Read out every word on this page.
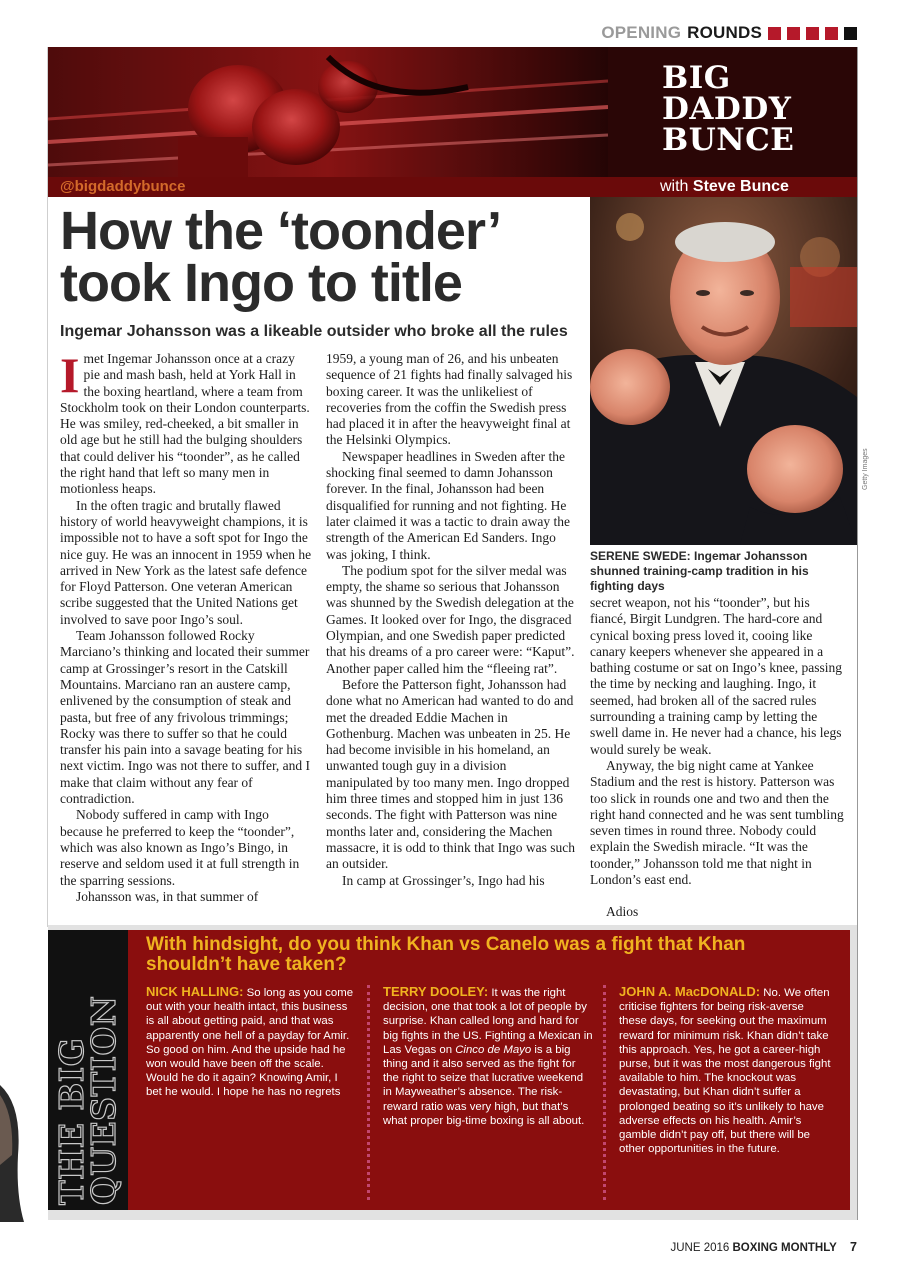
OPENING ROUNDS
BIG
DADDY
BUNCE
@bigdaddybunce	with Steve Bunce
How the ‘toonder’ took Ingo to title
Ingemar Johansson was a likeable outsider who broke all the rules

Imet Ingemar Johansson once at a crazy pie and mash bash, held at York Hall in the boxing heartland, where a team from Stockholm took on their London counterparts. He was smiley, red-cheeked, a bit smaller in old age but he still had the bulging shoulders that could deliver his “toonder”, as he called the right hand that left so many men in motionless heaps.

In the often tragic and brutally flawed history of world heavyweight champions, it is impossible not to have a soft spot for Ingo the nice guy. He was an innocent in 1959 when he arrived in New York as the latest safe defence for Floyd Patterson. One veteran American scribe suggested that the United Nations get involved to save poor Ingo’s soul.

Team Johansson followed Rocky Marciano’s thinking and located their summer camp at Grossinger’s resort in the Catskill Mountains. Marciano ran an austere camp, enlivened by the consumption of steak and pasta, but free of any frivolous trimmings; Rocky was there to suffer so that he could transfer his pain into a savage beating for his next victim. Ingo was not there to suffer, and I make that claim without any fear of contradiction.

Nobody suffered in camp with Ingo because he preferred to keep the “toonder”, which was also known as Ingo’s Bingo, in reserve and seldom used it at full strength in the sparring sessions.

Johansson was, in that summer of

1959, a young man of 26, and his unbeaten sequence of 21 fights had finally salvaged his boxing career. It was the unlikeliest of recoveries from the coffin the Swedish press had placed it in after the heavyweight final at the Helsinki Olympics.

Newspaper headlines in Sweden after the shocking final seemed to damn Johansson forever. In the final, Johansson had been disqualified for running and not fighting. He later claimed it was a tactic to drain away the strength of the American Ed Sanders. Ingo was joking, I think.

The podium spot for the silver medal was empty, the shame so serious that Johansson was shunned by the Swedish delegation at the Games. It looked over for Ingo, the disgraced Olympian, and one Swedish paper predicted that his dreams of a pro career were: “Kaput”. Another paper called him the “fleeing rat”.

Before the Patterson fight, Johansson had done what no American had wanted to do and met the dreaded Eddie Machen in Gothenburg. Machen was unbeaten in 25. He had become invisible in his homeland, an unwanted tough guy in a division manipulated by too many men. Ingo dropped him three times and stopped him in just 136 seconds. The fight with Patterson was nine months later and, considering the Machen massacre, it is odd to think that Ingo was such an outsider.

In camp at Grossinger’s, Ingo had his

Getty Images
SERENE SWEDE: Ingemar Johansson shunned training-camp tradition in his fighting days

secret weapon, not his “toonder”, but his fiancé, Birgit Lundgren. The hard-core and cynical boxing press loved it, cooing like canary keepers whenever she appeared in a bathing costume or sat on Ingo’s knee, passing the time by necking and laughing. Ingo, it seemed, had broken all of the sacred rules surrounding a training camp by letting the swell dame in. He never had a chance, his legs would surely be weak.

Anyway, the big night came at Yankee Stadium and the rest is history. Patterson was too slick in rounds one and two and then the right hand connected and he was sent tumbling seven times in round three. Nobody could explain the Swedish miracle. “It was the toonder,” Johansson told me that night in London’s east end.

Adios

THE BIG
QUESTION
With hindsight, do you think Khan vs Canelo was a fight that Khan shouldn’t have taken?
NICK HALLING: So long as you come out with your health intact, this business is all about getting paid, and that was apparently one hell of a payday for Amir. So good on him. And the upside had he won would have been off the scale. Would he do it again? Knowing Amir, I bet he would. I hope he has no regrets
TERRY DOOLEY: It was the right decision, one that took a lot of people by surprise. Khan called long and hard for big fights in the US. Fighting a Mexican in Las Vegas on Cinco de Mayo is a big thing and it also served as the fight for the right to seize that lucrative weekend in Mayweather’s absence. The risk-reward ratio was very high, but that’s what proper big-time boxing is all about.
JOHN A. MacDONALD: No. We often criticise fighters for being risk-averse these days, for seeking out the maximum reward for minimum risk. Khan didn’t take this approach. Yes, he got a career-high purse, but it was the most dangerous fight available to him. The knockout was devastating, but Khan didn’t suffer a prolonged beating so it’s unlikely to have adverse effects on his health. Amir’s gamble didn’t pay off, but there will be other opportunities in the future.
JUNE 2016 BOXING MONTHLY 7
